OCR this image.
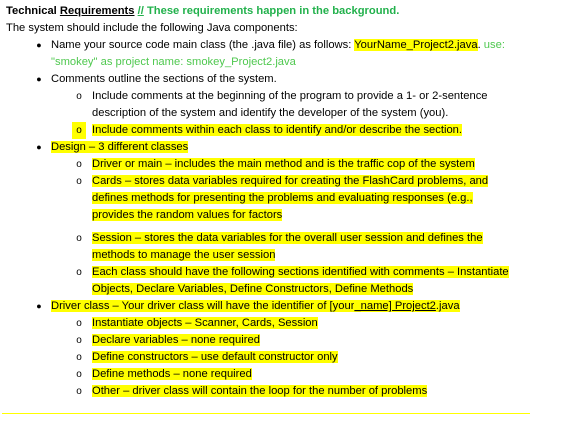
Technical Requirements // These requirements happen in the background.
The system should include the following Java components:
● Name your source code main class (the .java file) as follows: YourName_Project2.java. use:
"smokey" as project name: smokey_Project2.java
● Comments outline the sections of the system.
o Include comments at the beginning of the program to provide a 1- or 2-sentence
description of the system and identify the developer of the system (you).
o Include comments within each class to identify and/or describe the section.
● Design – 3 different classes
o Driver or main – includes the main method and is the traffic cop of the system
o Cards – stores data variables required for creating the FlashCard problems, and
defines methods for presenting the problems and evaluating responses (e.g.,
provides the random values for factors
o Session – stores the data variables for the overall user session and defines the
methods to manage the user session
o Each class should have the following sections identified with comments – Instantiate
Objects, Declare Variables, Define Constructors, Define Methods
● Driver class – Your driver class will have the identifier of [your_name] Project2.java
o Instantiate objects – Scanner, Cards, Session
o Declare variables – none required
o Define constructors – use default constructor only
o Define methods – none required
o Other – driver class will contain the loop for the number of problems
